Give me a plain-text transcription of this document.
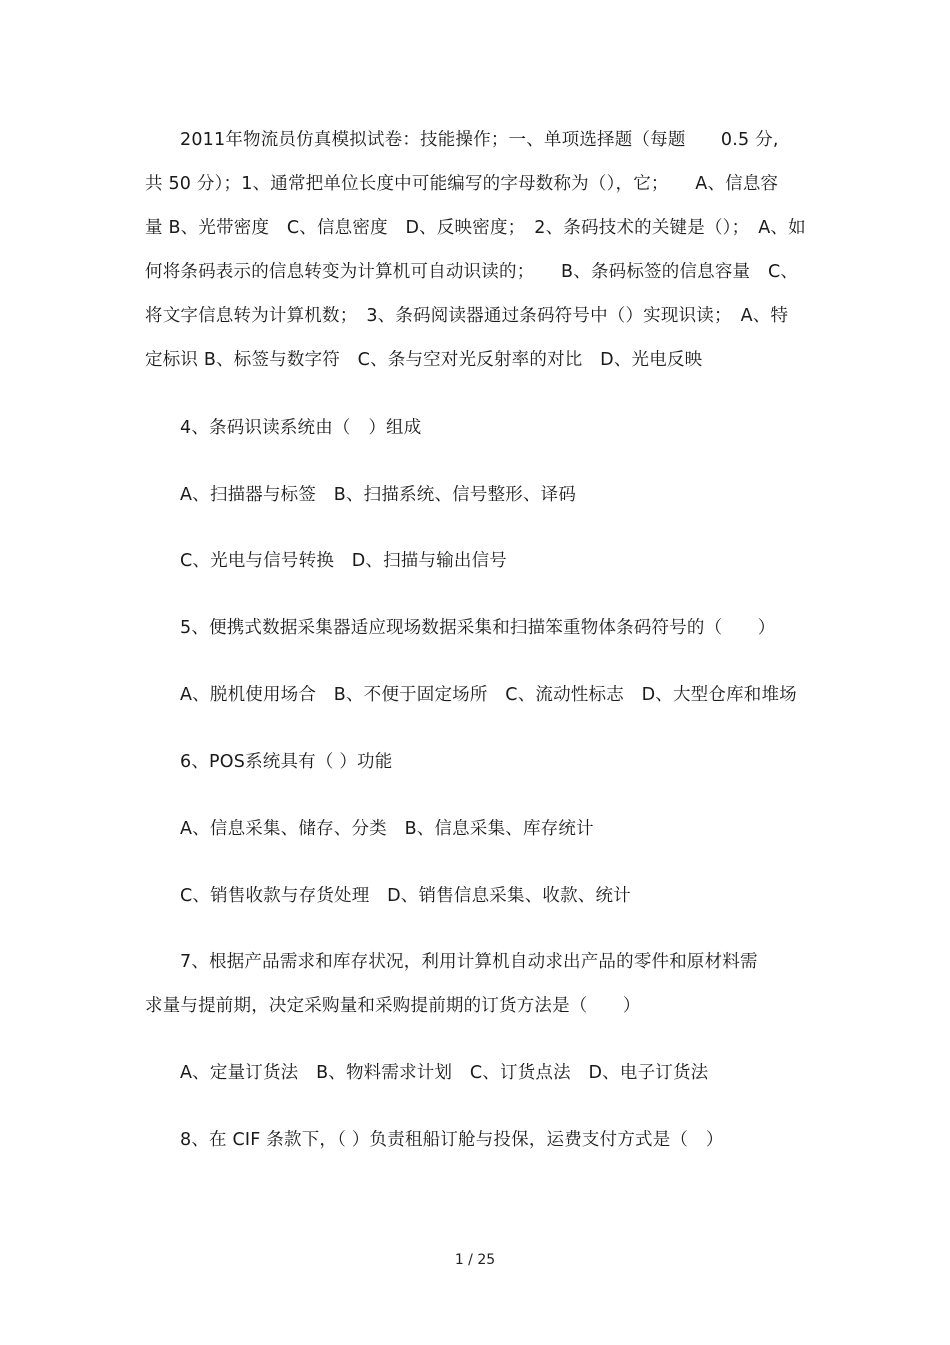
2011年物流员仿真模拟试卷：技能操作；一、单项选择题（每题　　0.5 分,
共 50 分）；1、通常把单位长度中可能编写的字母数称为（），它；　　A、信息容
量 B、光带密度　C、信息密度　D、反映密度；　2、条码技术的关键是（）；　A、如
何将条码表示的信息转变为计算机可自动识读的；　　B、条码标签的信息容量　C、
将文字信息转为计算机数；　3、条码阅读器通过条码符号中（）实现识读；　A、特
定标识 B、标签与数字符　C、条与空对光反射率的对比　D、光电反映
4、条码识读系统由（　）组成
A、扫描器与标签　B、扫描系统、信号整形、译码
C、光电与信号转换　D、扫描与输出信号
5、便携式数据采集器适应现场数据采集和扫描笨重物体条码符号的（　　）
A、脱机使用场合　B、不便于固定场所　C、流动性标志　D、大型仓库和堆场
6、POS系统具有（ ）功能
A、信息采集、储存、分类　B、信息采集、库存统计
C、销售收款与存货处理　D、销售信息采集、收款、统计
7、根据产品需求和库存状况，利用计算机自动求出产品的零件和原材料需
求量与提前期，决定采购量和采购提前期的订货方法是（　　）
A、定量订货法　B、物料需求计划　C、订货点法　D、电子订货法
8、在 CIF 条款下，（ ）负责租船订舱与投保，运费支付方式是（　）
1 / 25
